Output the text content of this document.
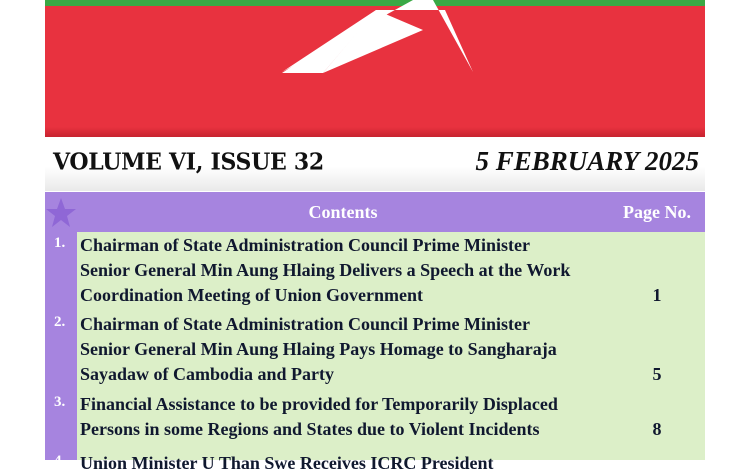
VOLUME VI, ISSUE 32	5 FEBRUARY 2025
Contents	Page No.
1. Chairman of State Administration Council Prime Minister
Senior General Min Aung Hlaing Delivers a Speech at the Work
Coordination Meeting of Union Government	1
2. Chairman of State Administration Council Prime Minister
Senior General Min Aung Hlaing Pays Homage to Sangharaja
Sayadaw of Cambodia and Party	5
3. Financial Assistance to be provided for Temporarily Displaced
Persons in some Regions and States due to Violent Incidents	8
4. Union Minister U Than Swe Receives ICRC President
